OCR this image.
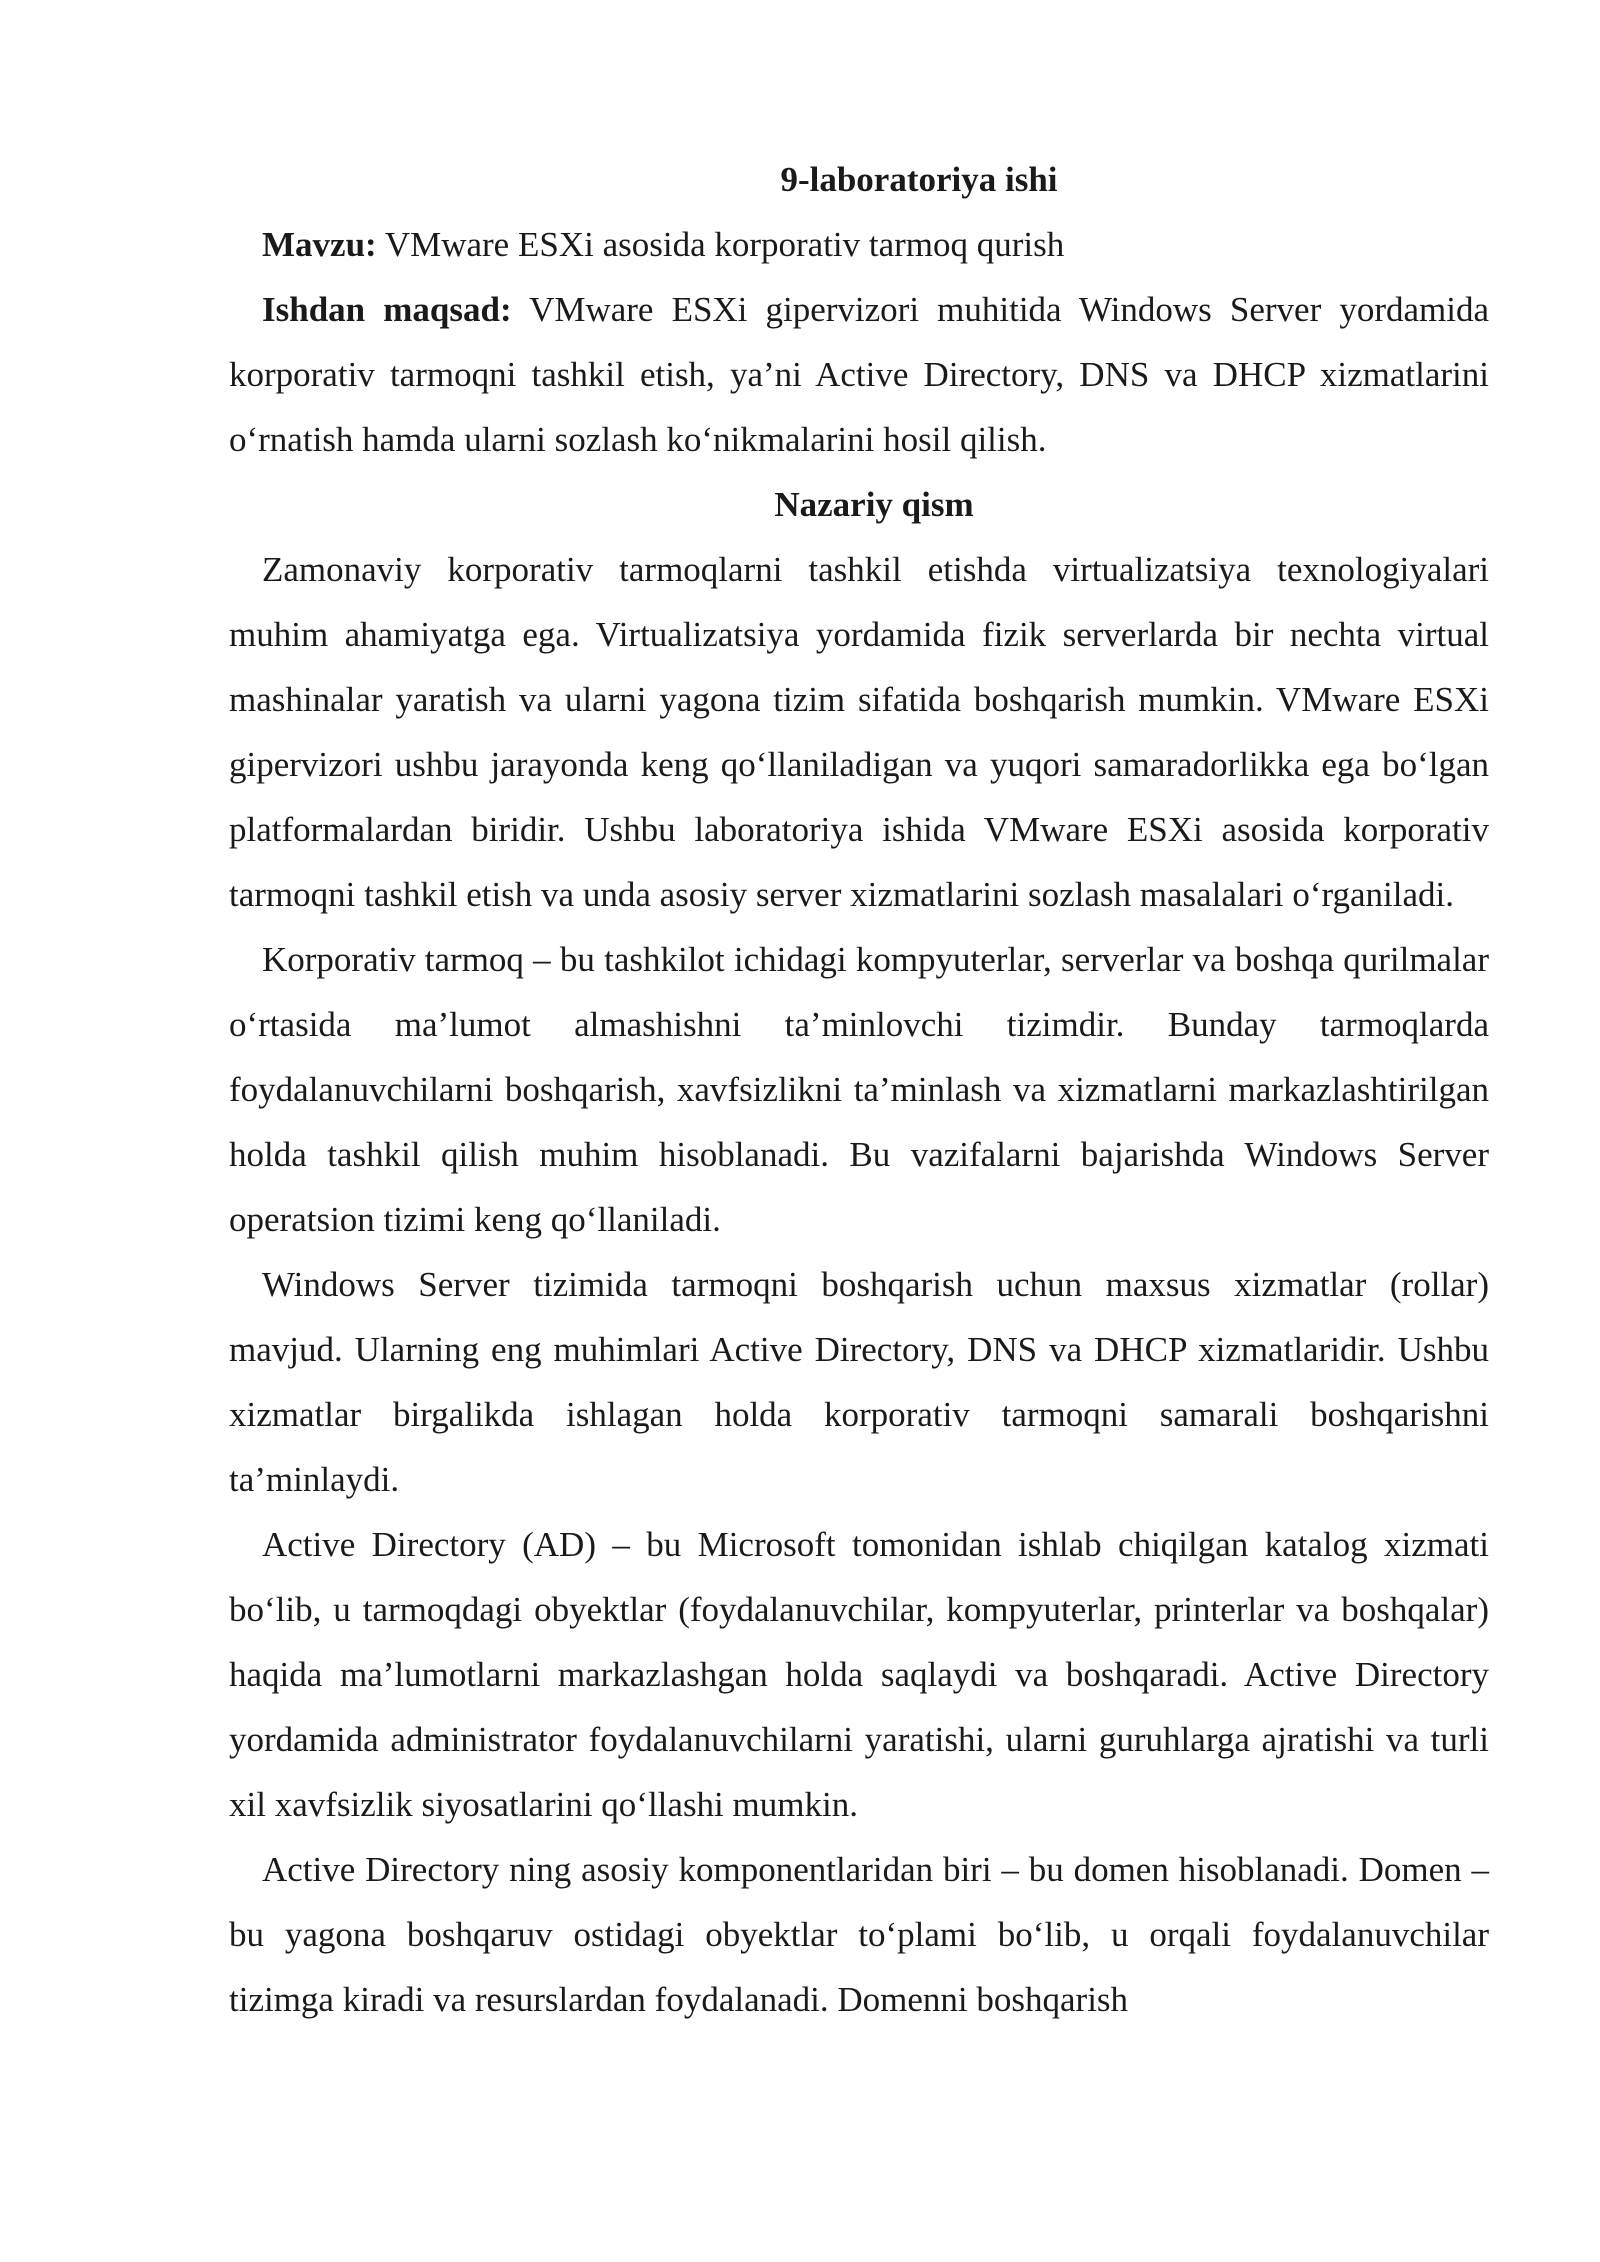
9-laboratoriya ishi

Mavzu: VMware ESXi asosida korporativ tarmoq qurish

Ishdan maqsad: VMware ESXi gipervizori muhitida Windows Server yordamida korporativ tarmoqni tashkil etish, ya’ni Active Directory, DNS va DHCP xizmatlarini o‘rnatish hamda ularni sozlash ko‘nikmalarini hosil qilish.

Nazariy qism

Zamonaviy korporativ tarmoqlarni tashkil etishda virtualizatsiya texnologiyalari muhim ahamiyatga ega. Virtualizatsiya yordamida fizik serverlarda bir nechta virtual mashinalar yaratish va ularni yagona tizim sifatida boshqarish mumkin. VMware ESXi gipervizori ushbu jarayonda keng qo‘llaniladigan va yuqori samaradorlikka ega bo‘lgan platformalardan biridir. Ushbu laboratoriya ishida VMware ESXi asosida korporativ tarmoqni tashkil etish va unda asosiy server xizmatlarini sozlash masalalari o‘rganiladi.

Korporativ tarmoq – bu tashkilot ichidagi kompyuterlar, serverlar va boshqa qurilmalar o‘rtasida ma’lumot almashishni ta’minlovchi tizimdir. Bunday tarmoqlarda foydalanuvchilarni boshqarish, xavfsizlikni ta’minlash va xizmatlarni markazlashtirilgan holda tashkil qilish muhim hisoblanadi. Bu vazifalarni bajarishda Windows Server operatsion tizimi keng qo‘llaniladi.

Windows Server tizimida tarmoqni boshqarish uchun maxsus xizmatlar (rollar) mavjud. Ularning eng muhimlari Active Directory, DNS va DHCP xizmatlaridir. Ushbu xizmatlar birgalikda ishlagan holda korporativ tarmoqni samarali boshqarishni ta’minlaydi.

Active Directory (AD) – bu Microsoft tomonidan ishlab chiqilgan katalog xizmati bo‘lib, u tarmoqdagi obyektlar (foydalanuvchilar, kompyuterlar, printerlar va boshqalar) haqida ma’lumotlarni markazlashgan holda saqlaydi va boshqaradi. Active Directory yordamida administrator foydalanuvchilarni yaratishi, ularni guruhlarga ajratishi va turli xil xavfsizlik siyosatlarini qo‘llashi mumkin.

Active Directory ning asosiy komponentlaridan biri – bu domen hisoblanadi. Domen – bu yagona boshqaruv ostidagi obyektlar to‘plami bo‘lib, u orqali foydalanuvchilar tizimga kiradi va resurslardan foydalanadi. Domenni boshqarish
